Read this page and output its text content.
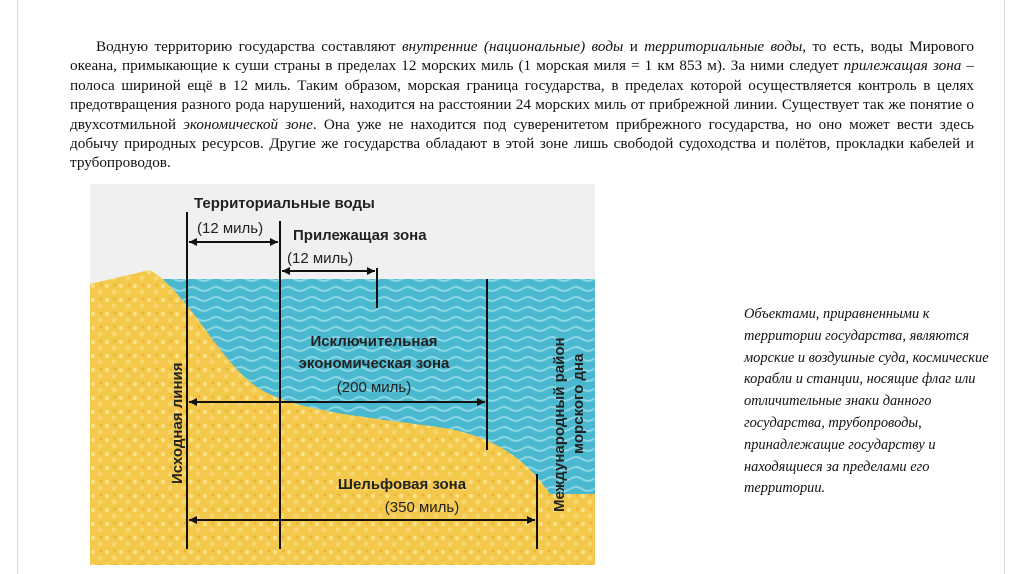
Водную территорию государства составляют внутренние (национальные) воды и территориальные воды, то есть, воды Мирового океана, примыкающие к суши страны в пределах 12 морских миль (1 морская миля = 1 км 853 м). За ними следует прилежащая зона – полоса шириной ещё в 12 миль. Таким образом, морская граница государства, в пределах которой осуществляется контроль в целях предотвращения разного рода нарушений, находится на расстоянии 24 морских миль от прибрежной линии. Существует так же понятие о двухсотмильной экономической зоне. Она уже не находится под суверенитетом прибрежного государства, но оно может вести здесь добычу природных ресурсов. Другие же государства обладают в этой зоне лишь свободой судоходства и полётов, прокладки кабелей и трубопроводов.

Территориальные воды
(12 миль) Прилежащая зона
(12 миль)
Исключительная
экономическая зона
(200 миль)
Шельфовая зона
(350 миль)
Исходная линия	Международный район морского дна

Объектами, приравненными к территории государства, являются морские и воздушные суда, космические корабли и станции, носящие флаг или отличительные знаки данного государства, трубопроводы, принадлежащие государству и находящиеся за пределами его территории.
